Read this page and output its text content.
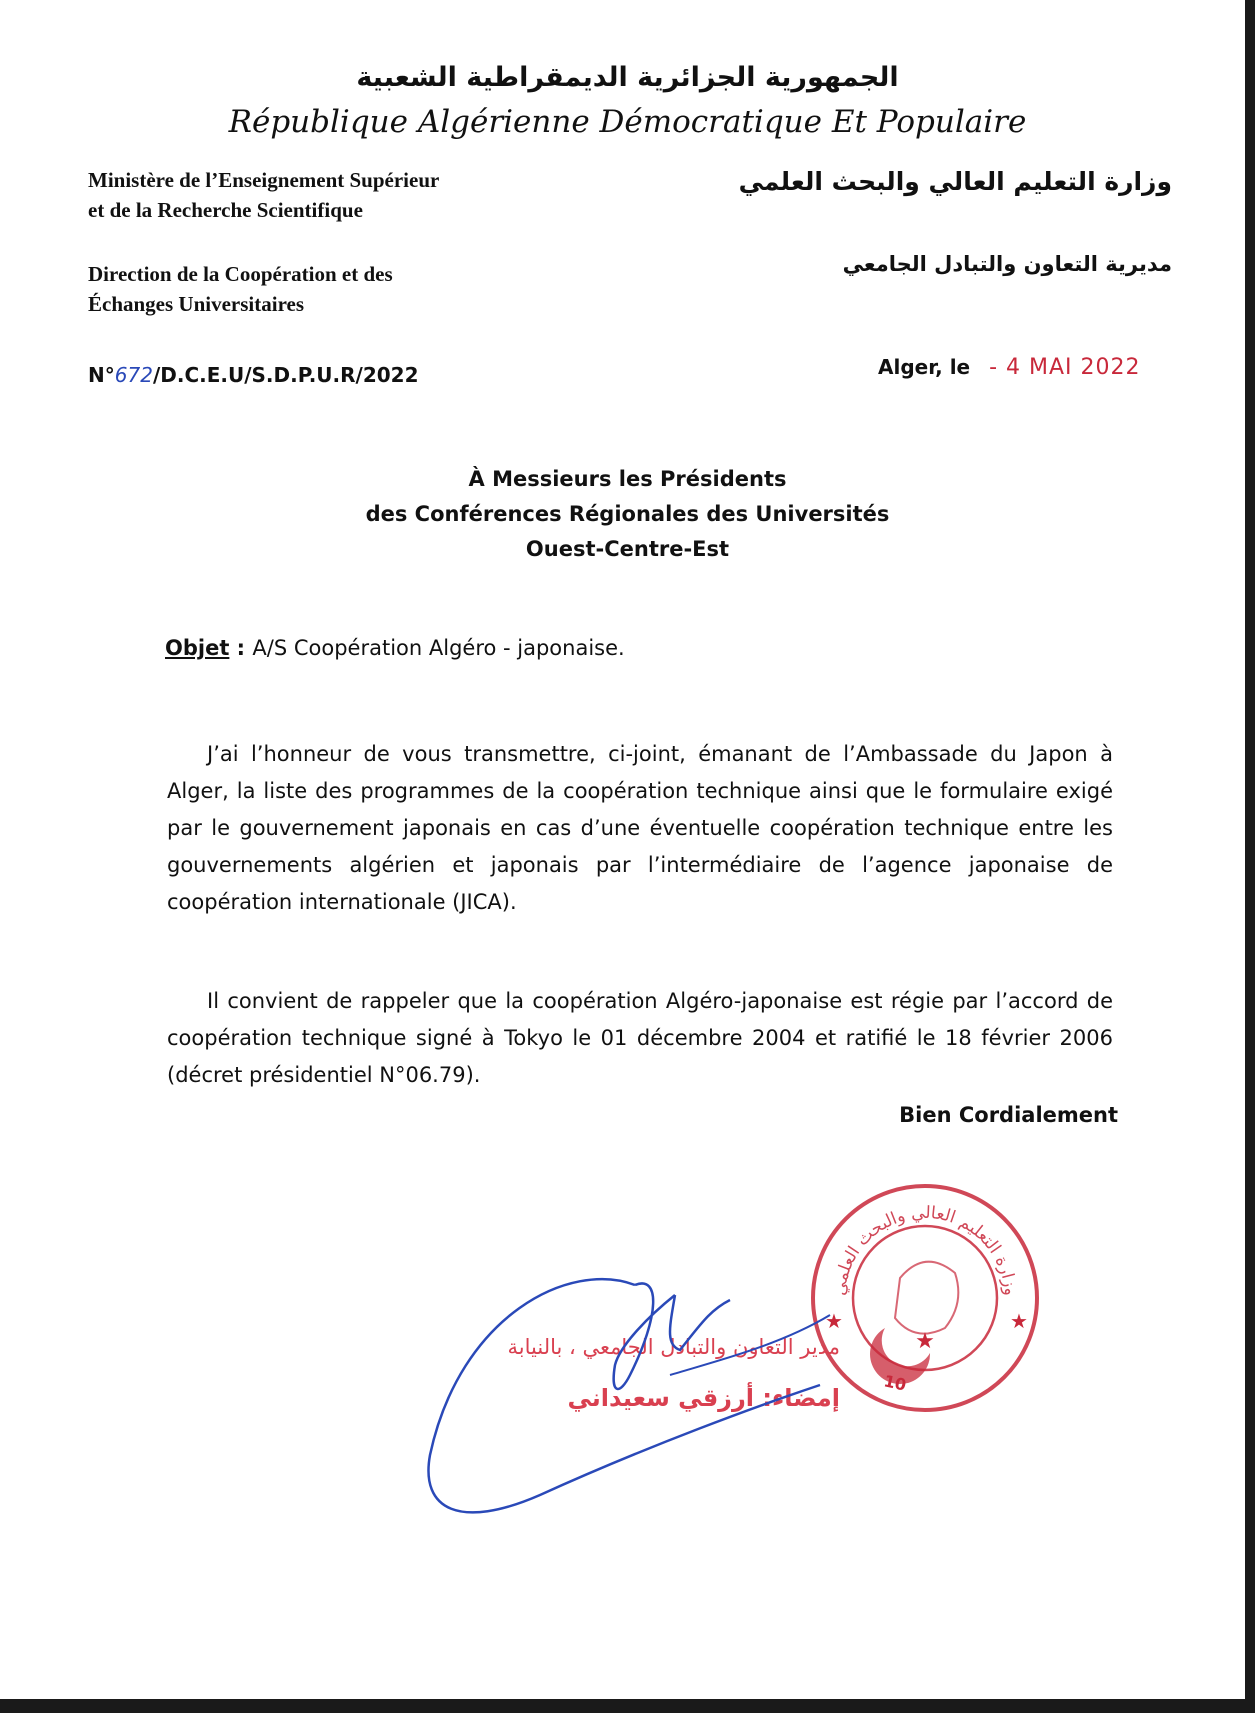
الجمهورية الجزائرية الديمقراطية الشعبية
République Algérienne Démocratique Et Populaire
Ministère de l’Enseignement Supérieur
et de la Recherche Scientifique
وزارة التعليم العالي والبحث العلمي
Direction de la Coopération et des
Échanges Universitaires
مديرية التعاون والتبادل الجامعي
N°672/D.C.E.U/S.D.P.U.R/2022	Alger, le - 4 MAI 2022
À Messieurs les Présidents
des Conférences Régionales des Universités
Ouest-Centre-Est
Objet : A/S Coopération Algéro - japonaise.
J’ai l’honneur de vous transmettre, ci-joint, émanant de l’Ambassade du Japon à Alger, la liste des programmes de la coopération technique ainsi que le formulaire exigé par le gouvernement japonais en cas d’une éventuelle coopération technique entre les gouvernements algérien et japonais par l’intermédiaire de l’agence japonaise de coopération internationale (JICA).
Il convient de rappeler que la coopération Algéro-japonaise est régie par l’accord de coopération technique signé à Tokyo le 01 décembre 2004 et ratifié le 18 février 2006 (décret présidentiel N°06.79).
Bien Cordialement
وزارة التعليم العالي والبحث العلمي
★	★
★
10
مدير التعاون والتبادل الجامعي ، بالنيابة
إمضاء: أرزقي سعيداني
